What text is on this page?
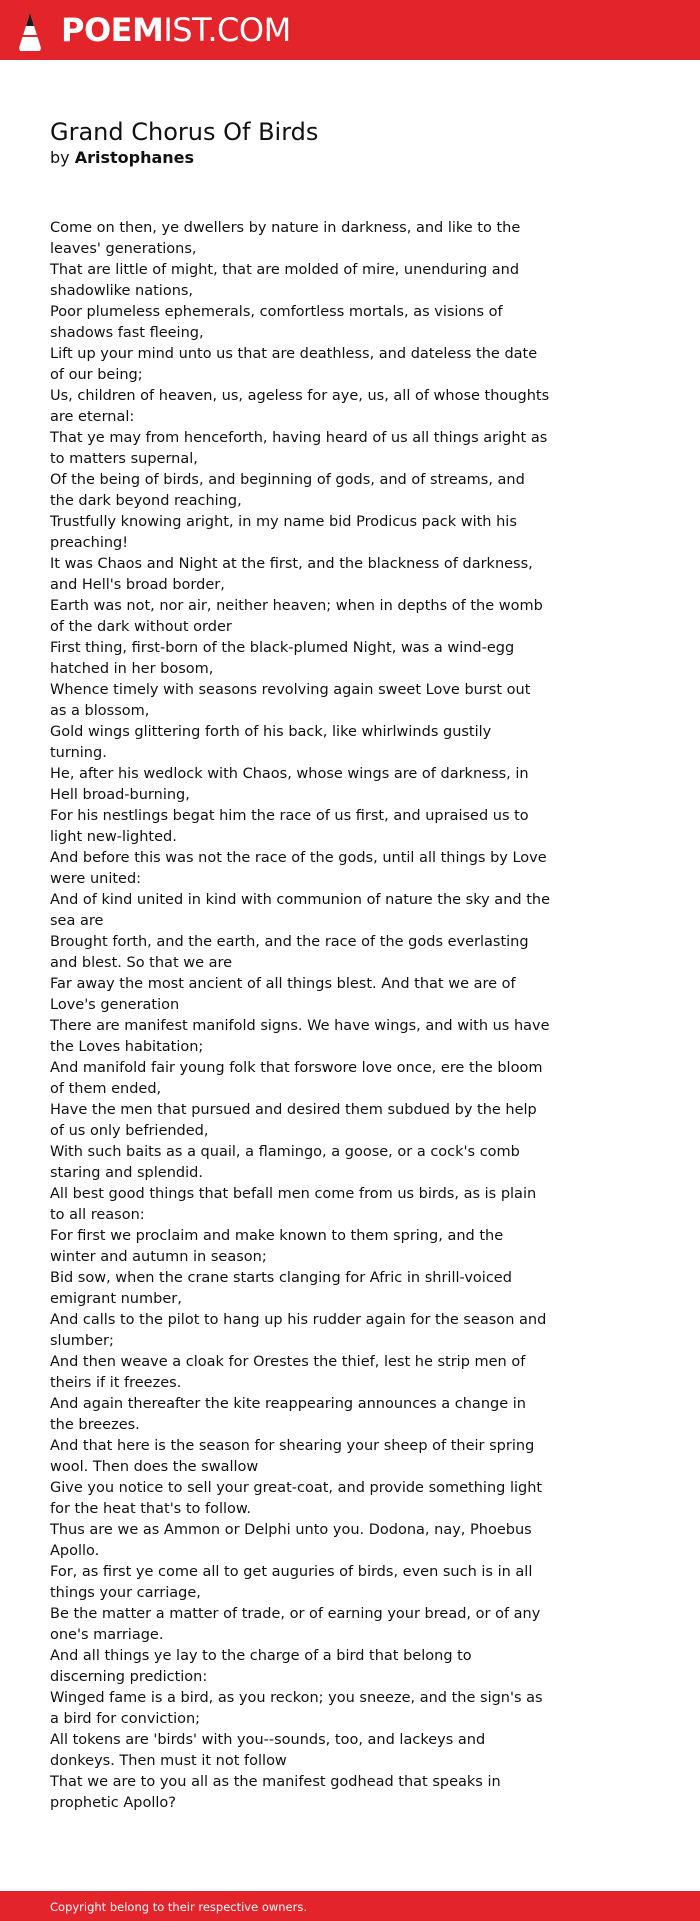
POEMIST.COM
Grand Chorus Of Birds
by Aristophanes
Come on then, ye dwellers by nature in darkness, and like to the leaves' generations,
That are little of might, that are molded of mire, unenduring and shadowlike nations,
Poor plumeless ephemerals, comfortless mortals, as visions of shadows fast fleeing,
Lift up your mind unto us that are deathless, and dateless the date of our being;
Us, children of heaven, us, ageless for aye, us, all of whose thoughts are eternal:
That ye may from henceforth, having heard of us all things aright as to matters supernal,
Of the being of birds, and beginning of gods, and of streams, and the dark beyond reaching,
Trustfully knowing aright, in my name bid Prodicus pack with his preaching!
It was Chaos and Night at the first, and the blackness of darkness, and Hell's broad border,
Earth was not, nor air, neither heaven; when in depths of the womb of the dark without order
First thing, first-born of the black-plumed Night, was a wind-egg hatched in her bosom,
Whence timely with seasons revolving again sweet Love burst out as a blossom,
Gold wings glittering forth of his back, like whirlwinds gustily turning.
He, after his wedlock with Chaos, whose wings are of darkness, in Hell broad-burning,
For his nestlings begat him the race of us first, and upraised us to light new-lighted.
And before this was not the race of the gods, until all things by Love were united:
And of kind united in kind with communion of nature the sky and the sea are
Brought forth, and the earth, and the race of the gods everlasting and blest. So that we are
Far away the most ancient of all things blest. And that we are of Love's generation
There are manifest manifold signs. We have wings, and with us have the Loves habitation;
And manifold fair young folk that forswore love once, ere the bloom of them ended,
Have the men that pursued and desired them subdued by the help of us only befriended,
With such baits as a quail, a flamingo, a goose, or a cock's comb staring and splendid.
All best good things that befall men come from us birds, as is plain to all reason:
For first we proclaim and make known to them spring, and the winter and autumn in season;
Bid sow, when the crane starts clanging for Afric in shrill-voiced emigrant number,
And calls to the pilot to hang up his rudder again for the season and slumber;
And then weave a cloak for Orestes the thief, lest he strip men of theirs if it freezes.
And again thereafter the kite reappearing announces a change in the breezes.
And that here is the season for shearing your sheep of their spring wool. Then does the swallow
Give you notice to sell your great-coat, and provide something light for the heat that's to follow.
Thus are we as Ammon or Delphi unto you. Dodona, nay, Phoebus Apollo.
For, as first ye come all to get auguries of birds, even such is in all things your carriage,
Be the matter a matter of trade, or of earning your bread, or of any one's marriage.
And all things ye lay to the charge of a bird that belong to discerning prediction:
Winged fame is a bird, as you reckon; you sneeze, and the sign's as a bird for conviction;
All tokens are 'birds' with you--sounds, too, and lackeys and donkeys. Then must it not follow
That we are to you all as the manifest godhead that speaks in prophetic Apollo?
Copyright belong to their respective owners.
